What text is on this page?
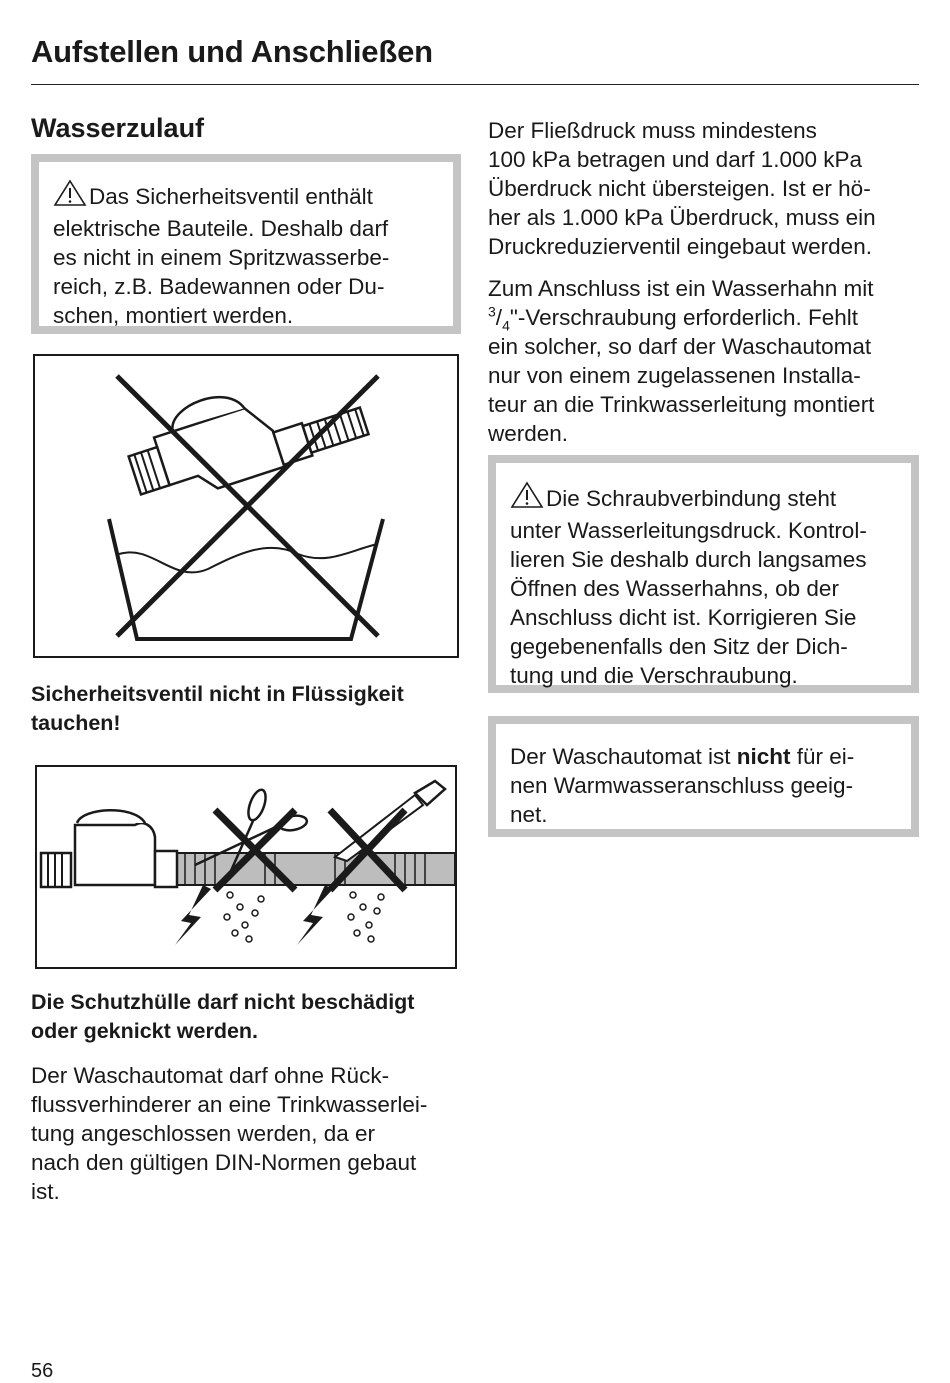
Aufstellen und Anschließen
Wasserzulauf
Das Sicherheitsventil enthält
elektrische Bauteile. Deshalb darf
es nicht in einem Spritzwasserbe-
reich, z.B. Badewannen oder Du-
schen, montiert werden.
Sicherheitsventil nicht in Flüssigkeit
tauchen!
Die Schutzhülle darf nicht beschädigt
oder geknickt werden.
Der Waschautomat darf ohne Rück-
flussverhinderer an eine Trinkwasserlei-
tung angeschlossen werden, da er
nach den gültigen DIN-Normen gebaut
ist.
Der Fließdruck muss mindestens
100 kPa betragen und darf 1.000 kPa
Überdruck nicht übersteigen. Ist er hö-
her als 1.000 kPa Überdruck, muss ein
Druckreduzierventil eingebaut werden.
Zum Anschluss ist ein Wasserhahn mit
$^3/_4$"-Verschraubung erforderlich. Fehlt
ein solcher, so darf der Waschautomat
nur von einem zugelassenen Installa-
teur an die Trinkwasserleitung montiert
werden.
Die Schraubverbindung steht
unter Wasserleitungsdruck. Kontrol-
lieren Sie deshalb durch langsames
Öffnen des Wasserhahns, ob der
Anschluss dicht ist. Korrigieren Sie
gegebenenfalls den Sitz der Dich-
tung und die Verschraubung.
Der Waschautomat ist nicht für ei-
nen Warmwasseranschluss geeig-
net.
56
